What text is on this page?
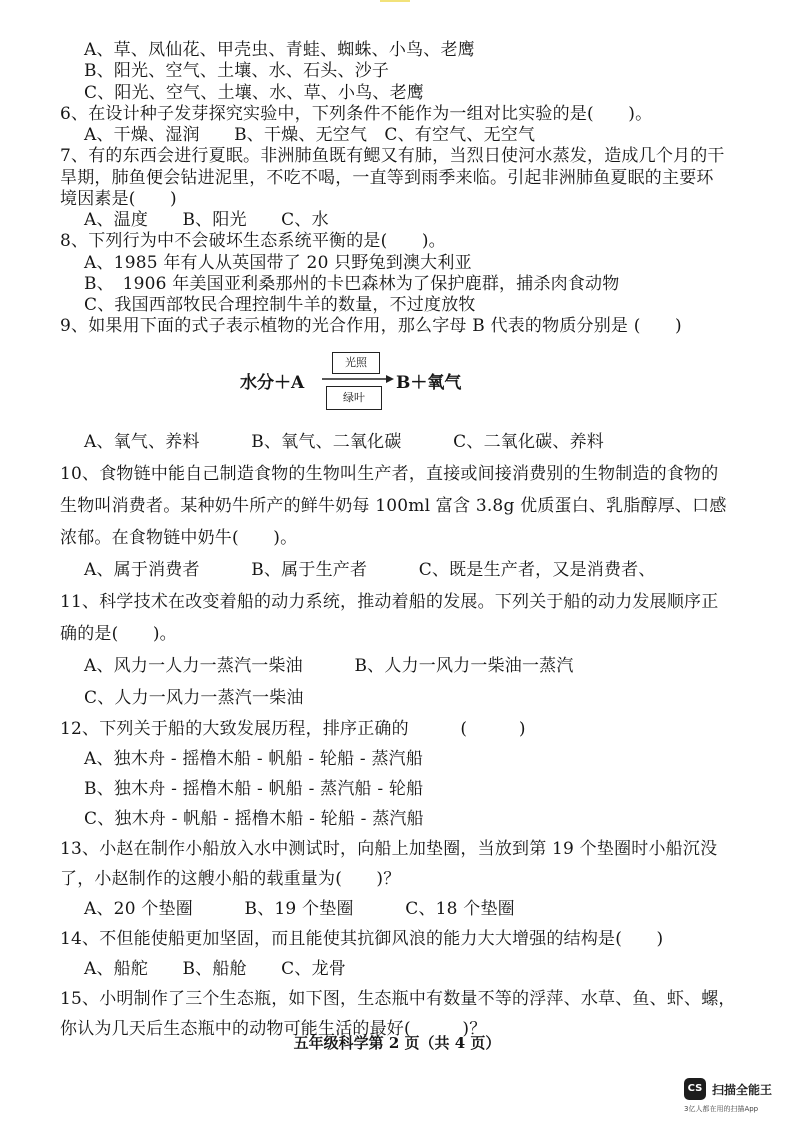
A、草、凤仙花、甲壳虫、青蛙、蜘蛛、小鸟、老鹰
B、阳光、空气、土壤、水、石头、沙子
C、阳光、空气、土壤、水、草、小鸟、老鹰
6、在设计种子发芽探究实验中，下列条件不能作为一组对比实验的是(　　)。
A、干燥、湿润　　B、干燥、无空气　C、有空气、无空气
7、有的东西会进行夏眠。非洲肺鱼既有鳃又有肺，当烈日使河水蒸发，造成几个月的干
旱期，肺鱼便会钻进泥里，不吃不喝，一直等到雨季来临。引起非洲肺鱼夏眠的主要环
境因素是(　　)
A、温度　　B、阳光　　C、水
8、下列行为中不会破坏生态系统平衡的是(　　)。
A、1985 年有人从英国带了 20 只野兔到澳大利亚
B、　1906 年美国亚利桑那州的卡巴森林为了保护鹿群，捕杀肉食动物
C、我国西部牧民合理控制牛羊的数量，不过度放牧
9、如果用下面的式子表示植物的光合作用，那么字母 B 代表的物质分别是 (　　)
水分＋A
光照
绿叶
B＋氧气
A、氧气、养料　　　B、氧气、二氧化碳　　　C、二氧化碳、养料
10、食物链中能自己制造食物的生物叫生产者，直接或间接消费别的生物制造的食物的
生物叫消费者。某种奶牛所产的鲜牛奶每 100ml 富含 3.8g 优质蛋白、乳脂醇厚、口感
浓郁。在食物链中奶牛(　　)。
A、属于消费者　　　B、属于生产者　　　C、既是生产者，又是消费者、
11、科学技术在改变着船的动力系统，推动着船的发展。下列关于船的动力发展顺序正
确的是(　　)。
A、风力一人力一蒸汽一柴油　　　B、人力一风力一柴油一蒸汽
C、人力一风力一蒸汽一柴油
12、下列关于船的大致发展历程，排序正确的　　　(　　　)
A、独木舟 - 摇橹木船 - 帆船 - 轮船 - 蒸汽船
B、独木舟 - 摇橹木船 - 帆船 - 蒸汽船 - 轮船
C、独木舟 - 帆船 - 摇橹木船 - 轮船 - 蒸汽船
13、小赵在制作小船放入水中测试时，向船上加垫圈，当放到第 19 个垫圈时小船沉没
了，小赵制作的这艘小船的载重量为(　　)？
A、20 个垫圈　　　B、19 个垫圈　　　C、18 个垫圈
14、不但能使船更加坚固，而且能使其抗御风浪的能力大大增强的结构是(　　)
A、船舵　　B、船舱　　C、龙骨
15、小明制作了三个生态瓶，如下图，生态瓶中有数量不等的浮萍、水草、鱼、虾、螺，
你认为几天后生态瓶中的动物可能生活的最好(　　　)？
五年级科学第 2 页（共 4 页）
CS 扫描全能王
3亿人都在用的扫描App
